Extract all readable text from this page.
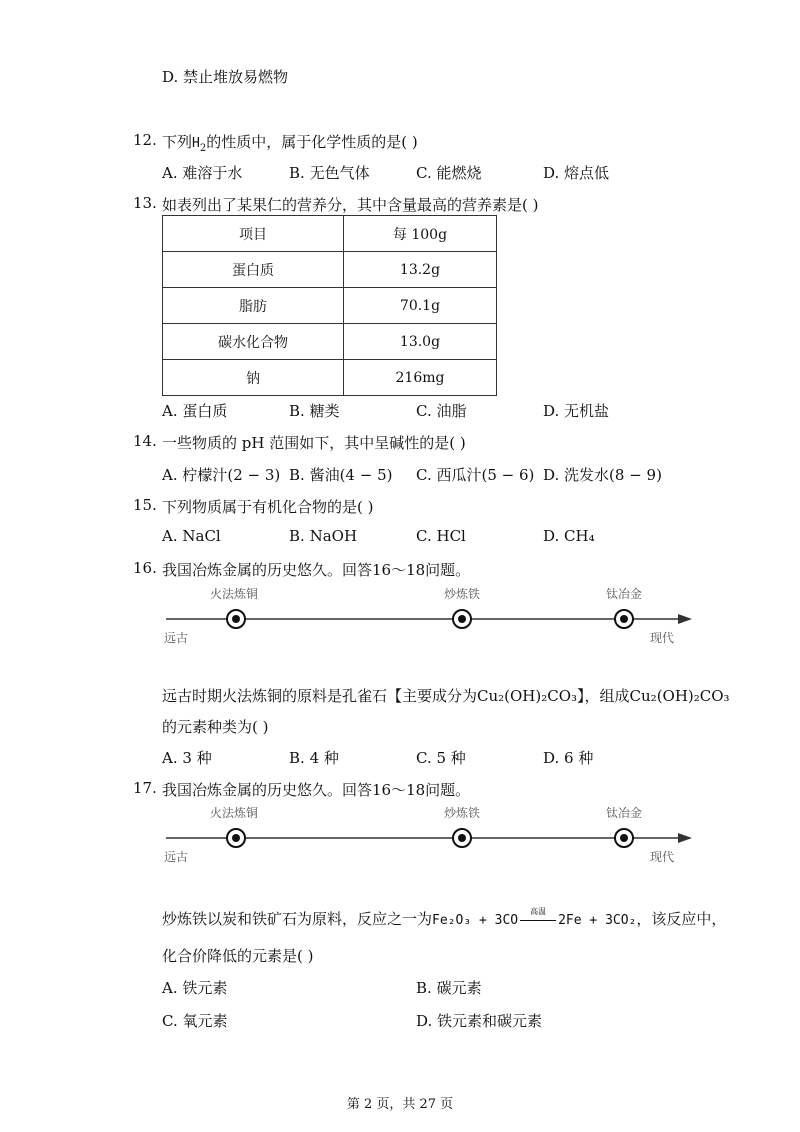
D. 禁止堆放易燃物
12. 下列$H_2$的性质中，属于化学性质的是( )
A. 难溶于水	B. 无色气体	C. 能燃烧	D. 熔点低
13. 如表列出了某果仁的营养分，其中含量最高的营养素是( )
项目	每 100g
蛋白质	13.2g
脂肪	70.1g
碳水化合物	13.0g
钠	216mg
A. 蛋白质	B. 糖类	C. 油脂	D. 无机盐
14. 一些物质的 pH 范围如下，其中呈碱性的是( )
A. 柠檬汁(2 − 3) B. 酱油(4 − 5) C. 西瓜汁(5 − 6) D. 洗发水(8 − 9)
15. 下列物质属于有机化合物的是( )
A. NaCl	B. NaOH	C. HCl	D. CH₄
16. 我国冶炼金属的历史悠久。回答16～18问题。
火法炼铜	炒炼铁	钛冶金
远古	现代
远古时期火法炼铜的原料是孔雀石【主要成分为Cu₂(OH)₂CO₃】，组成Cu₂(OH)₂CO₃
的元素种类为( )
A. 3 种	B. 4 种	C. 5 种	D. 6 种
17. 我国冶炼金属的历史悠久。回答16～18问题。
火法炼铜	炒炼铁	钛冶金
远古	现代
炒炼铁以炭和铁矿石为原料，反应之一为Fe₂O₃ + 3CO
高温
2Fe + 3CO₂，该反应中，
化合价降低的元素是( )
A. 铁元素	B. 碳元素
C. 氧元素	D. 铁元素和碳元素
第 2 页，共 27 页
